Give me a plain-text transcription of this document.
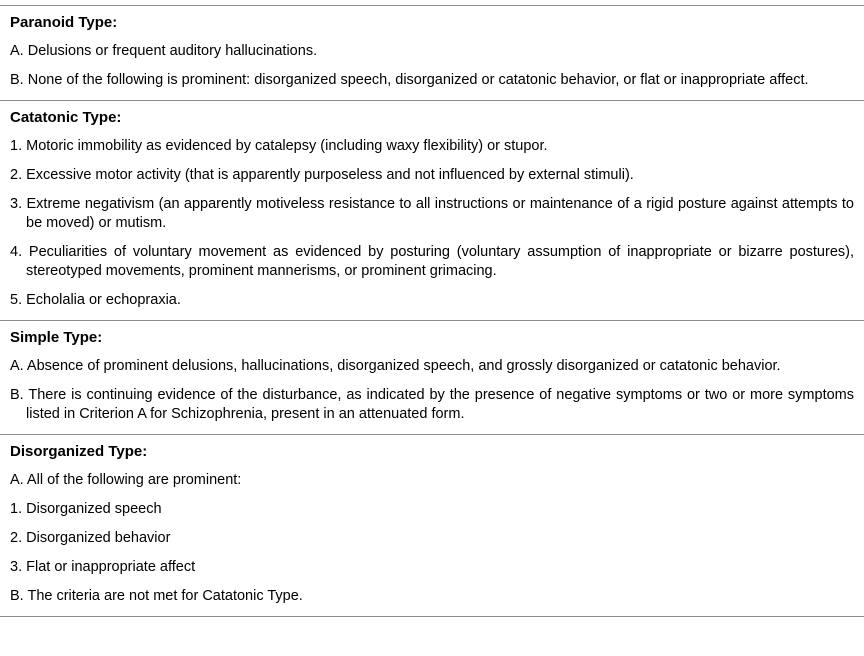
Paranoid Type:
A. Delusions or frequent auditory hallucinations.
B. None of the following is prominent: disorganized speech, disorganized or catatonic behavior, or flat or inappropriate affect.
Catatonic Type:
1. Motoric immobility as evidenced by catalepsy (including waxy flexibility) or stupor.
2. Excessive motor activity (that is apparently purposeless and not influenced by external stimuli).
3. Extreme negativism (an apparently motiveless resistance to all instructions or maintenance of a rigid posture against attempts to be moved) or mutism.
4. Peculiarities of voluntary movement as evidenced by posturing (voluntary assumption of inappropriate or bizarre postures), stereotyped movements, prominent mannerisms, or prominent grimacing.
5. Echolalia or echopraxia.
Simple Type:
A. Absence of prominent delusions, hallucinations, disorganized speech, and grossly disorganized or catatonic behavior.
B. There is continuing evidence of the disturbance, as indicated by the presence of negative symptoms or two or more symptoms listed in Criterion A for Schizophrenia, present in an attenuated form.
Disorganized Type:
A. All of the following are prominent:
1. Disorganized speech
2. Disorganized behavior
3. Flat or inappropriate affect
B. The criteria are not met for Catatonic Type.
